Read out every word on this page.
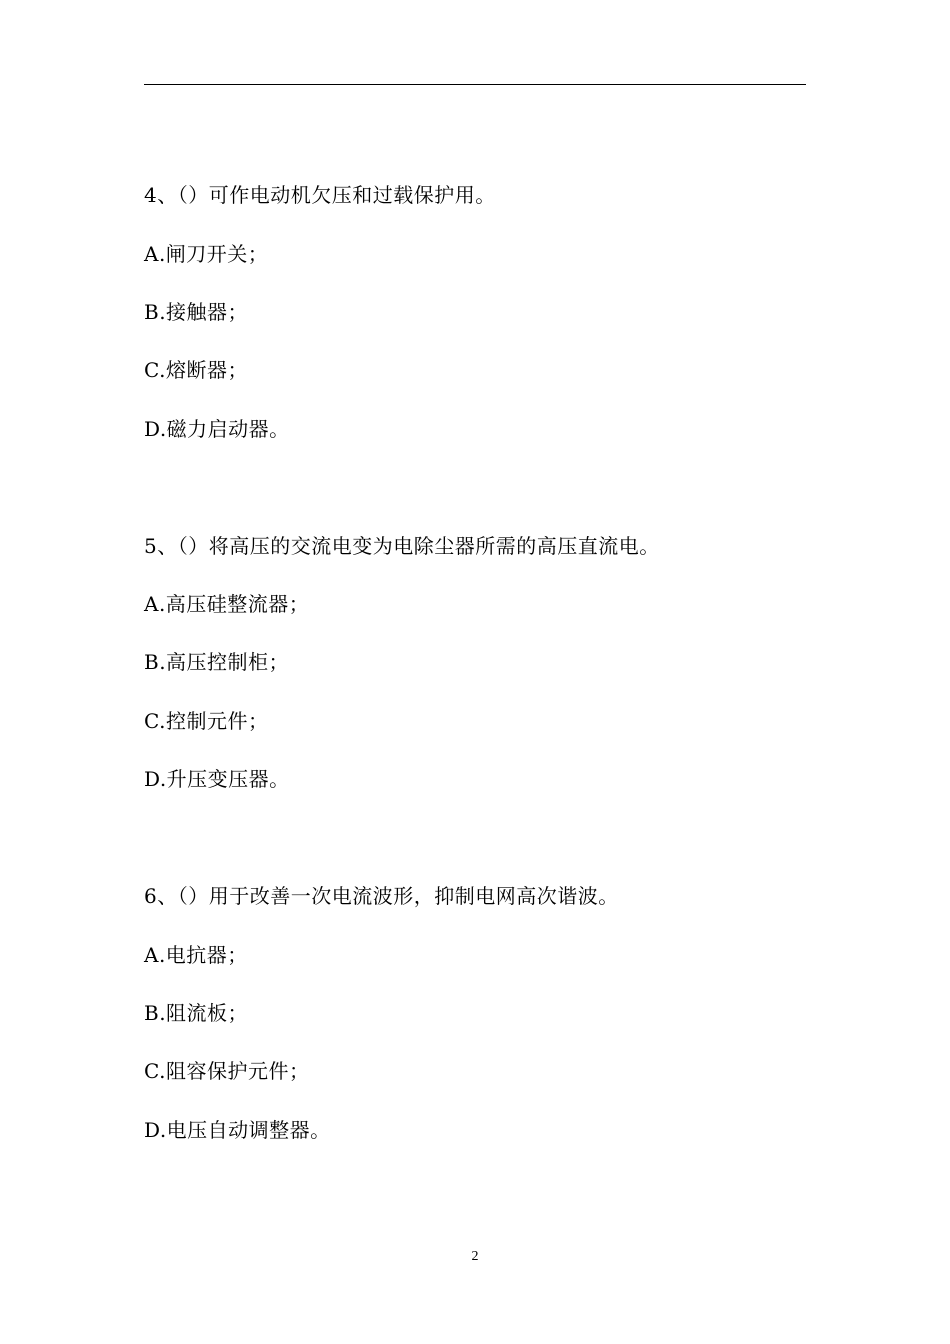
4、（）可作电动机欠压和过载保护用。
A.闸刀开关；
B.接触器；
C.熔断器；
D.磁力启动器。
5、（）将高压的交流电变为电除尘器所需的高压直流电。
A.高压硅整流器；
B.高压控制柜；
C.控制元件；
D.升压变压器。
6、（）用于改善一次电流波形，抑制电网高次谐波。
A.电抗器；
B.阻流板；
C.阻容保护元件；
D.电压自动调整器。
2
